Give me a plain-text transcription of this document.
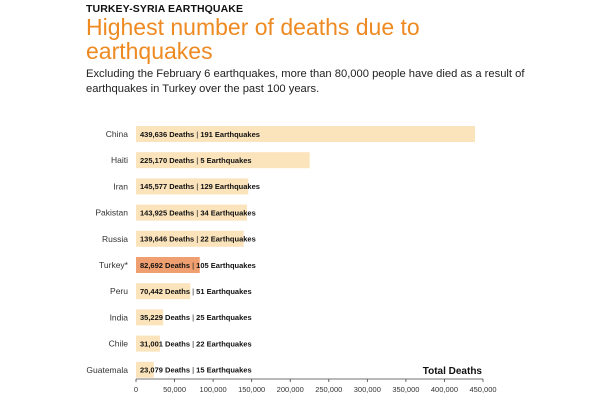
TURKEY-SYRIA EARTHQUAKE
Highest number of deaths due to earthquakes
Excluding the February 6 earthquakes, more than 80,000 people have died as a result of earthquakes in Turkey over the past 100 years.
China 439,636 Deaths | 191 Earthquakes
Haiti 225,170 Deaths | 5 Earthquakes
Iran 145,577 Deaths | 129 Earthquakes
Pakistan 143,925 Deaths | 34 Earthquakes
Russia 139,646 Deaths | 22 Earthquakes
Turkey* 82,692 Deaths | 105 Earthquakes
Peru 70,442 Deaths | 51 Earthquakes
India 35,229 Deaths | 25 Earthquakes
Chile 31,001 Deaths | 22 Earthquakes
Guatemala 23,079 Deaths | 15 Earthquakes
0	50,000 100,000 150,000 200,000 250,000 300,000 350,000 400,000 450,000
Total Deaths
